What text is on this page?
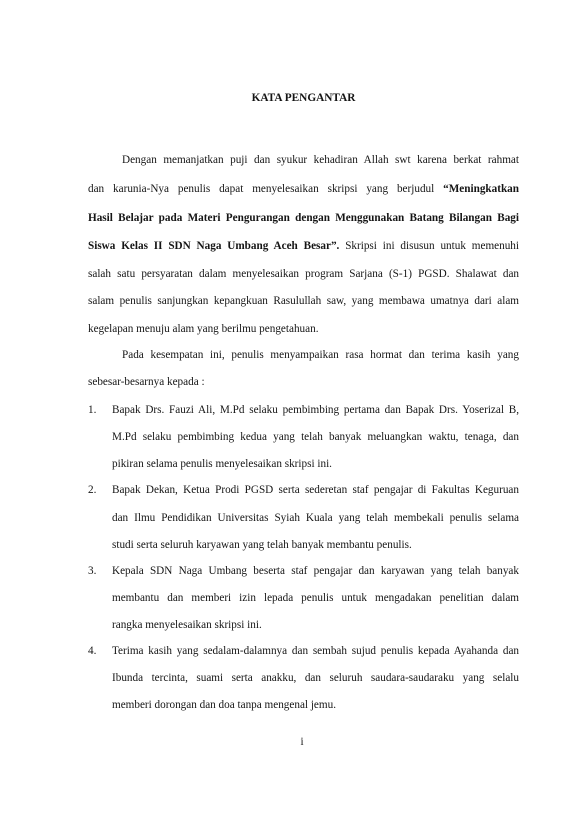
KATA PENGANTAR
Dengan memanjatkan puji dan syukur kehadiran Allah swt karena berkat rahmat
dan karunia-Nya penulis dapat menyelesaikan skripsi yang berjudul “Meningkatkan
Hasil Belajar pada Materi Pengurangan dengan Menggunakan Batang Bilangan Bagi
Siswa Kelas II SDN Naga Umbang Aceh Besar”. Skripsi ini disusun untuk memenuhi
salah satu persyaratan dalam menyelesaikan program Sarjana (S-1) PGSD. Shalawat dan
salam penulis sanjungkan kepangkuan Rasulullah saw, yang membawa umatnya dari alam
kegelapan menuju alam yang berilmu pengetahuan.
Pada kesempatan ini, penulis menyampaikan rasa hormat dan terima kasih yang
sebesar-besarnya kepada :
1.	Bapak Drs. Fauzi Ali, M.Pd selaku pembimbing pertama dan Bapak Drs. Yoserizal B,
M.Pd selaku pembimbing kedua yang telah banyak meluangkan waktu, tenaga, dan
pikiran selama penulis menyelesaikan skripsi ini.
2.	Bapak Dekan, Ketua Prodi PGSD serta sederetan staf pengajar di Fakultas Keguruan
dan Ilmu Pendidikan Universitas Syiah Kuala yang telah membekali penulis selama
studi serta seluruh karyawan yang telah banyak membantu penulis.
3.	Kepala SDN Naga Umbang beserta staf pengajar dan karyawan yang telah banyak
membantu dan memberi izin lepada penulis untuk mengadakan penelitian dalam
rangka menyelesaikan skripsi ini.
4.	Terima kasih yang sedalam-dalamnya dan sembah sujud penulis kepada Ayahanda dan
Ibunda tercinta, suami serta anakku, dan seluruh saudara-saudaraku yang selalu
memberi dorongan dan doa tanpa mengenal jemu.
i
